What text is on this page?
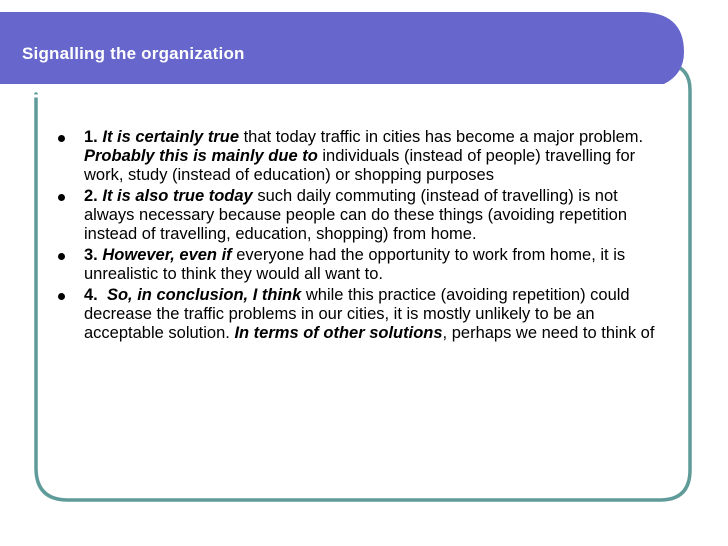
Signalling the organization
1. It is certainly true that today traffic in cities has become a major problem. Probably this is mainly due to individuals (instead of people) travelling for work, study (instead of education) or shopping purposes
2. It is also true today such daily commuting (instead of travelling) is not always necessary because people can do these things (avoiding repetition instead of travelling, education, shopping) from home.
3. However, even if everyone had the opportunity to work from home, it is unrealistic to think they would all want to.
4. So, in conclusion, I think while this practice (avoiding repetition) could decrease the traffic problems in our cities, it is mostly unlikely to be an acceptable solution. In terms of other solutions, perhaps we need to think of
